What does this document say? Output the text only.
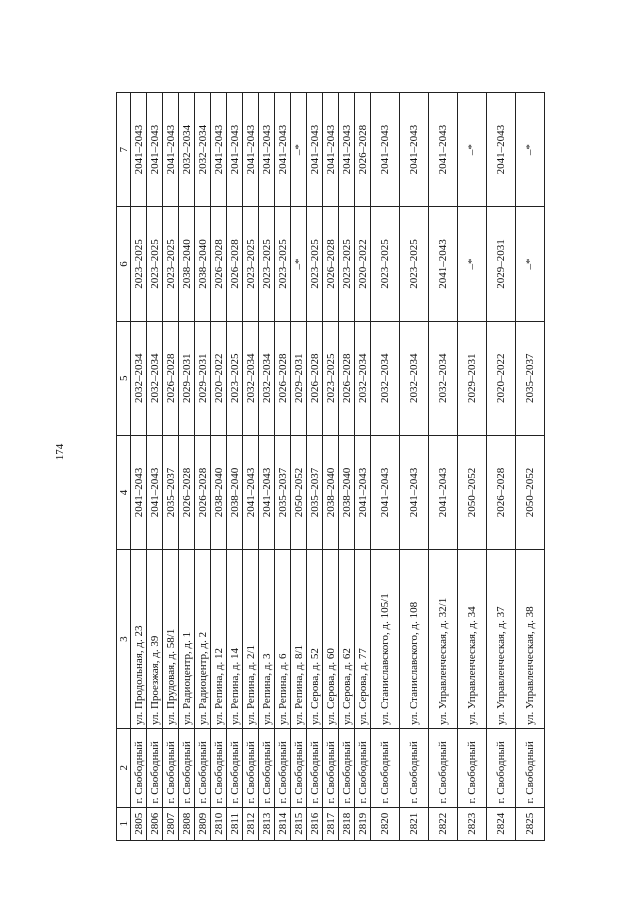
174
1	2	3	4	5	6	7
2805	г. Свободный	ул. Продольная, д. 23	2041–2043	2032–2034	2023–2025	2041–2043
2806	г. Свободный	ул. Проезжая, д. 39	2041–2043	2032–2034	2023–2025	2041–2043
2807	г. Свободный	ул. Прудовая, д. 58/1	2035–2037	2026–2028	2023–2025	2041–2043
2808	г. Свободный	ул. Радиоцентр, д. 1	2026–2028	2029–2031	2038–2040	2032–2034
2809	г. Свободный	ул. Радиоцентр, д. 2	2026–2028	2029–2031	2038–2040	2032–2034
2810	г. Свободный	ул. Репина, д. 12	2038–2040	2020–2022	2026–2028	2041–2043
2811	г. Свободный	ул. Репина, д. 14	2038–2040	2023–2025	2026–2028	2041–2043
2812	г. Свободный	ул. Репина, д. 2/1	2041–2043	2032–2034	2023–2025	2041–2043
2813	г. Свободный	ул. Репина, д. 3	2041–2043	2032–2034	2023–2025	2041–2043
2814	г. Свободный	ул. Репина, д. 6	2035–2037	2026–2028	2023–2025	2041–2043
2815	г. Свободный	ул. Репина, д. 8/1	2050–2052	2029–2031	–*	–*
2816	г. Свободный	ул. Серова, д. 52	2035–2037	2026–2028	2023–2025	2041–2043
2817	г. Свободный	ул. Серова, д. 60	2038–2040	2023–2025	2026–2028	2041–2043
2818	г. Свободный	ул. Серова, д. 62	2038–2040	2026–2028	2023–2025	2041–2043
2819	г. Свободный	ул. Серова, д. 77	2041–2043	2032–2034	2020–2022	2026–2028
2820	г. Свободный	ул. Станиславского, д. 105/1	2041–2043	2032–2034	2023–2025	2041–2043
2821	г. Свободный	ул. Станиславского, д. 108	2041–2043	2032–2034	2023–2025	2041–2043
2822	г. Свободный	ул. Управленческая, д. 32/1	2041–2043	2032–2034	2041–2043	2041–2043
2823	г. Свободный	ул. Управленческая, д. 34	2050–2052	2029–2031	–*	–*
2824	г. Свободный	ул. Управленческая, д. 37	2026–2028	2020–2022	2029–2031	2041–2043
2825	г. Свободный	ул. Управленческая, д. 38	2050–2052	2035–2037	–*	–*
